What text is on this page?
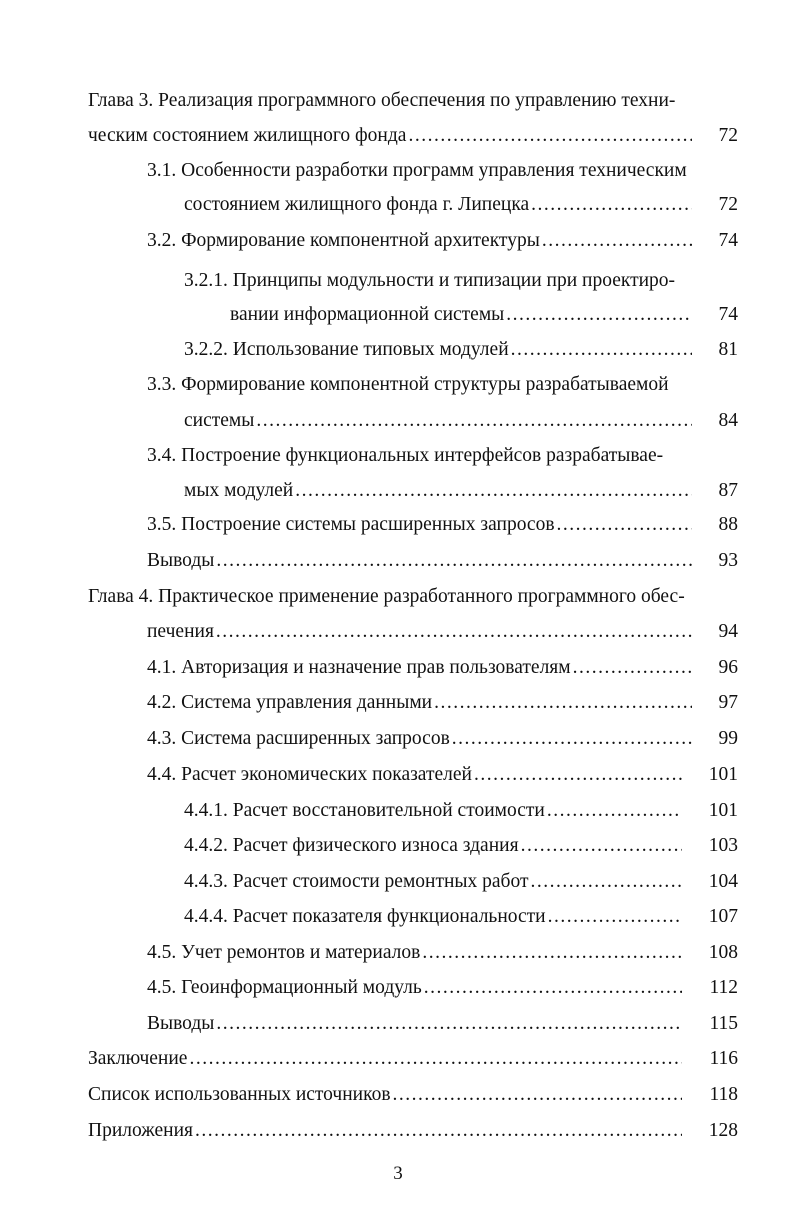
Глава 3. Реализация программного обеспечения по управлению техни-
ческим состоянием жилищного фонда .....	72
3.1. Особенности разработки программ управления техническим
состоянием жилищного фонда г. Липецка .....	72
3.2. Формирование компонентной архитектуры .....	74
3.2.1. Принципы модульности и типизации при проектиро-
вании информационной системы .....	74
3.2.2. Использование типовых модулей .....	81
3.3. Формирование компонентной структуры разрабатываемой
системы .....	84
3.4. Построение функциональных интерфейсов разрабатывае-
мых модулей .....	87
3.5. Построение системы расширенных запросов .....	88
Выводы .....	93
Глава 4. Практическое применение разработанного программного обес-
печения .....	94
4.1. Авторизация и назначение прав пользователям .....	96
4.2. Система управления данными .....	97
4.3. Система расширенных запросов .....	99
4.4. Расчет экономических показателей .....	101
4.4.1. Расчет восстановительной стоимости .....	101
4.4.2. Расчет физического износа здания .....	103
4.4.3. Расчет стоимости ремонтных работ .....	104
4.4.4. Расчет показателя функциональности .....	107
4.5. Учет ремонтов и материалов .....	108
4.5. Геоинформационный модуль .....	112
Выводы .....	115
Заключение .....	116
Список использованных источников .....	118
Приложения .....	128
3
